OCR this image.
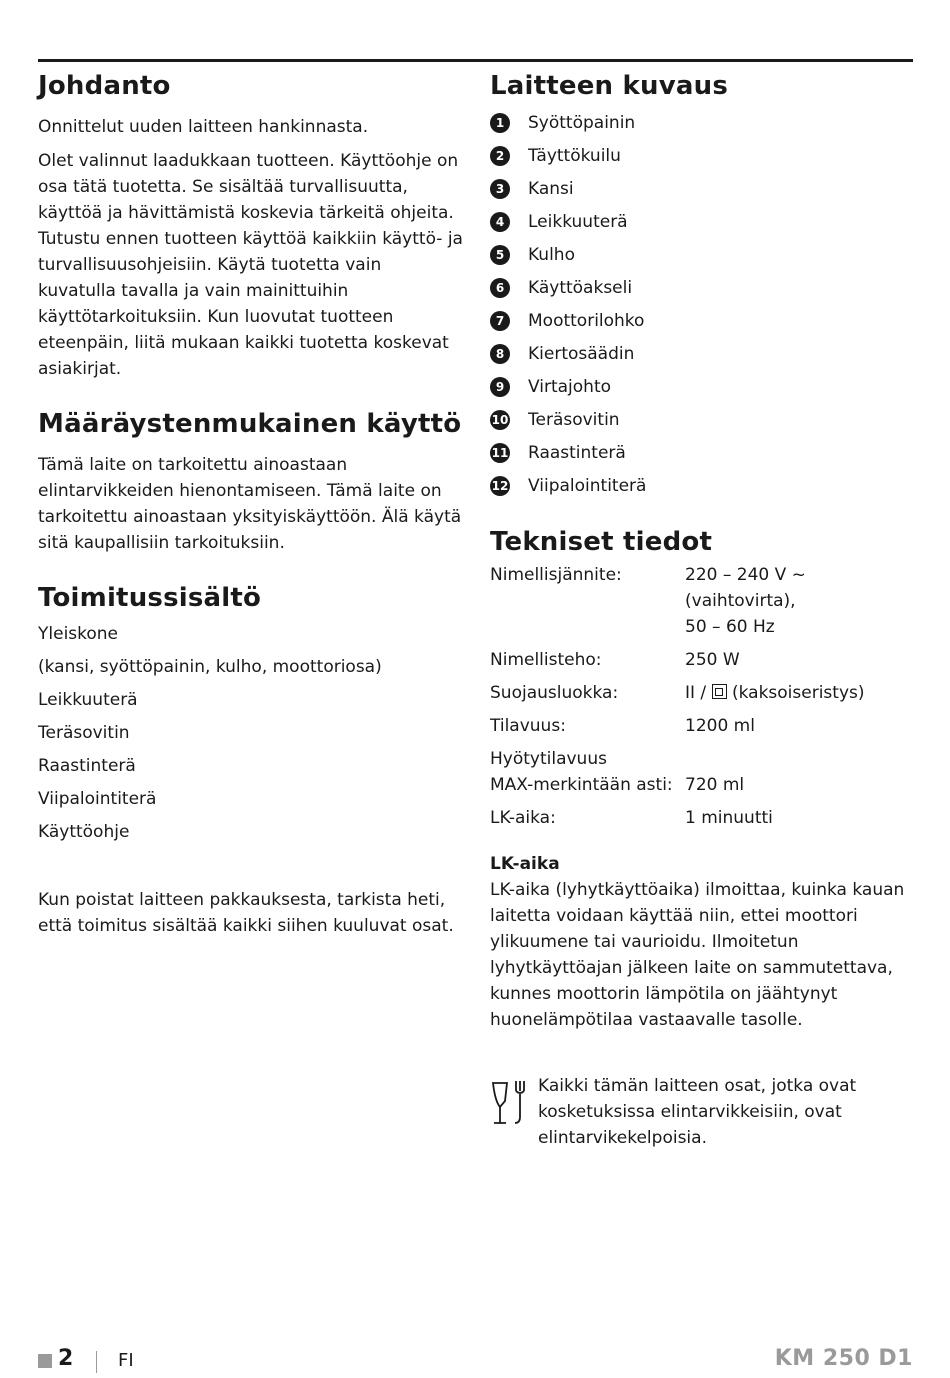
Johdanto

Onnittelut uuden laitteen hankinnasta.

Olet valinnut laadukkaan tuotteen. Käyttöohje on osa tätä tuotetta. Se sisältää turvallisuutta, käyttöä ja hävittämistä koskevia tärkeitä ohjeita. Tutustu ennen tuotteen käyttöä kaikkiin käyttö- ja turvallisuusohjeisiin. Käytä tuotetta vain kuvatulla tavalla ja vain mainittuihin käyttötarkoituksiin. Kun luovutat tuotteen eteenpäin, liitä mukaan kaikki tuotetta koskevat asiakirjat.

Määräystenmukainen käyttö

Tämä laite on tarkoitettu ainoastaan elintarvikkeiden hienontamiseen. Tämä laite on tarkoitettu ainoastaan yksityiskäyttöön. Älä käytä sitä kaupallisiin tarkoituksiin.

Toimitussisältö
Yleiskone
(kansi, syöttöpainin, kulho, moottoriosa)
Leikkuuterä
Teräsovitin
Raastinterä
Viipalointiterä
Käyttöohje

Kun poistat laitteen pakkauksesta, tarkista heti, että toimitus sisältää kaikki siihen kuuluvat osat.

Laitteen kuvaus
1	Syöttöpainin
2	Täyttökuilu
3	Kansi
4	Leikkuuterä
5	Kulho
6	Käyttöakseli
7	Moottorilohko
8	Kiertosäädin
9	Virtajohto
10 Teräsovitin
11 Raastinterä
12 Viipalointiterä
Tekniset tiedot
Nimellisjännite:	220 – 240 V ~ (vaihtovirta),
50 – 60 Hz

Nimellisteho:	250 W
Suojausluokka:	II / (kaksoiseristys)
Tilavuus:	1200 ml

Hyötytilavuus
MAX-merkintään asti:	720 ml

LK-aika:	1 minuutti
LK-aika

LK-aika (lyhytkäyttöaika) ilmoittaa, kuinka kauan laitetta voidaan käyttää niin, ettei moottori ylikuumene tai vaurioidu. Ilmoitetun lyhytkäyttöajan jälkeen laite on sammutettava, kunnes moottorin lämpötila on jäähtynyt huonelämpötilaa vastaavalle tasolle.

Kaikki tämän laitteen osat, jotka ovat kosketuksissa elintarvikkeisiin, ovat elintarvikekelpoisia.

2 FI	KM 250 D1
